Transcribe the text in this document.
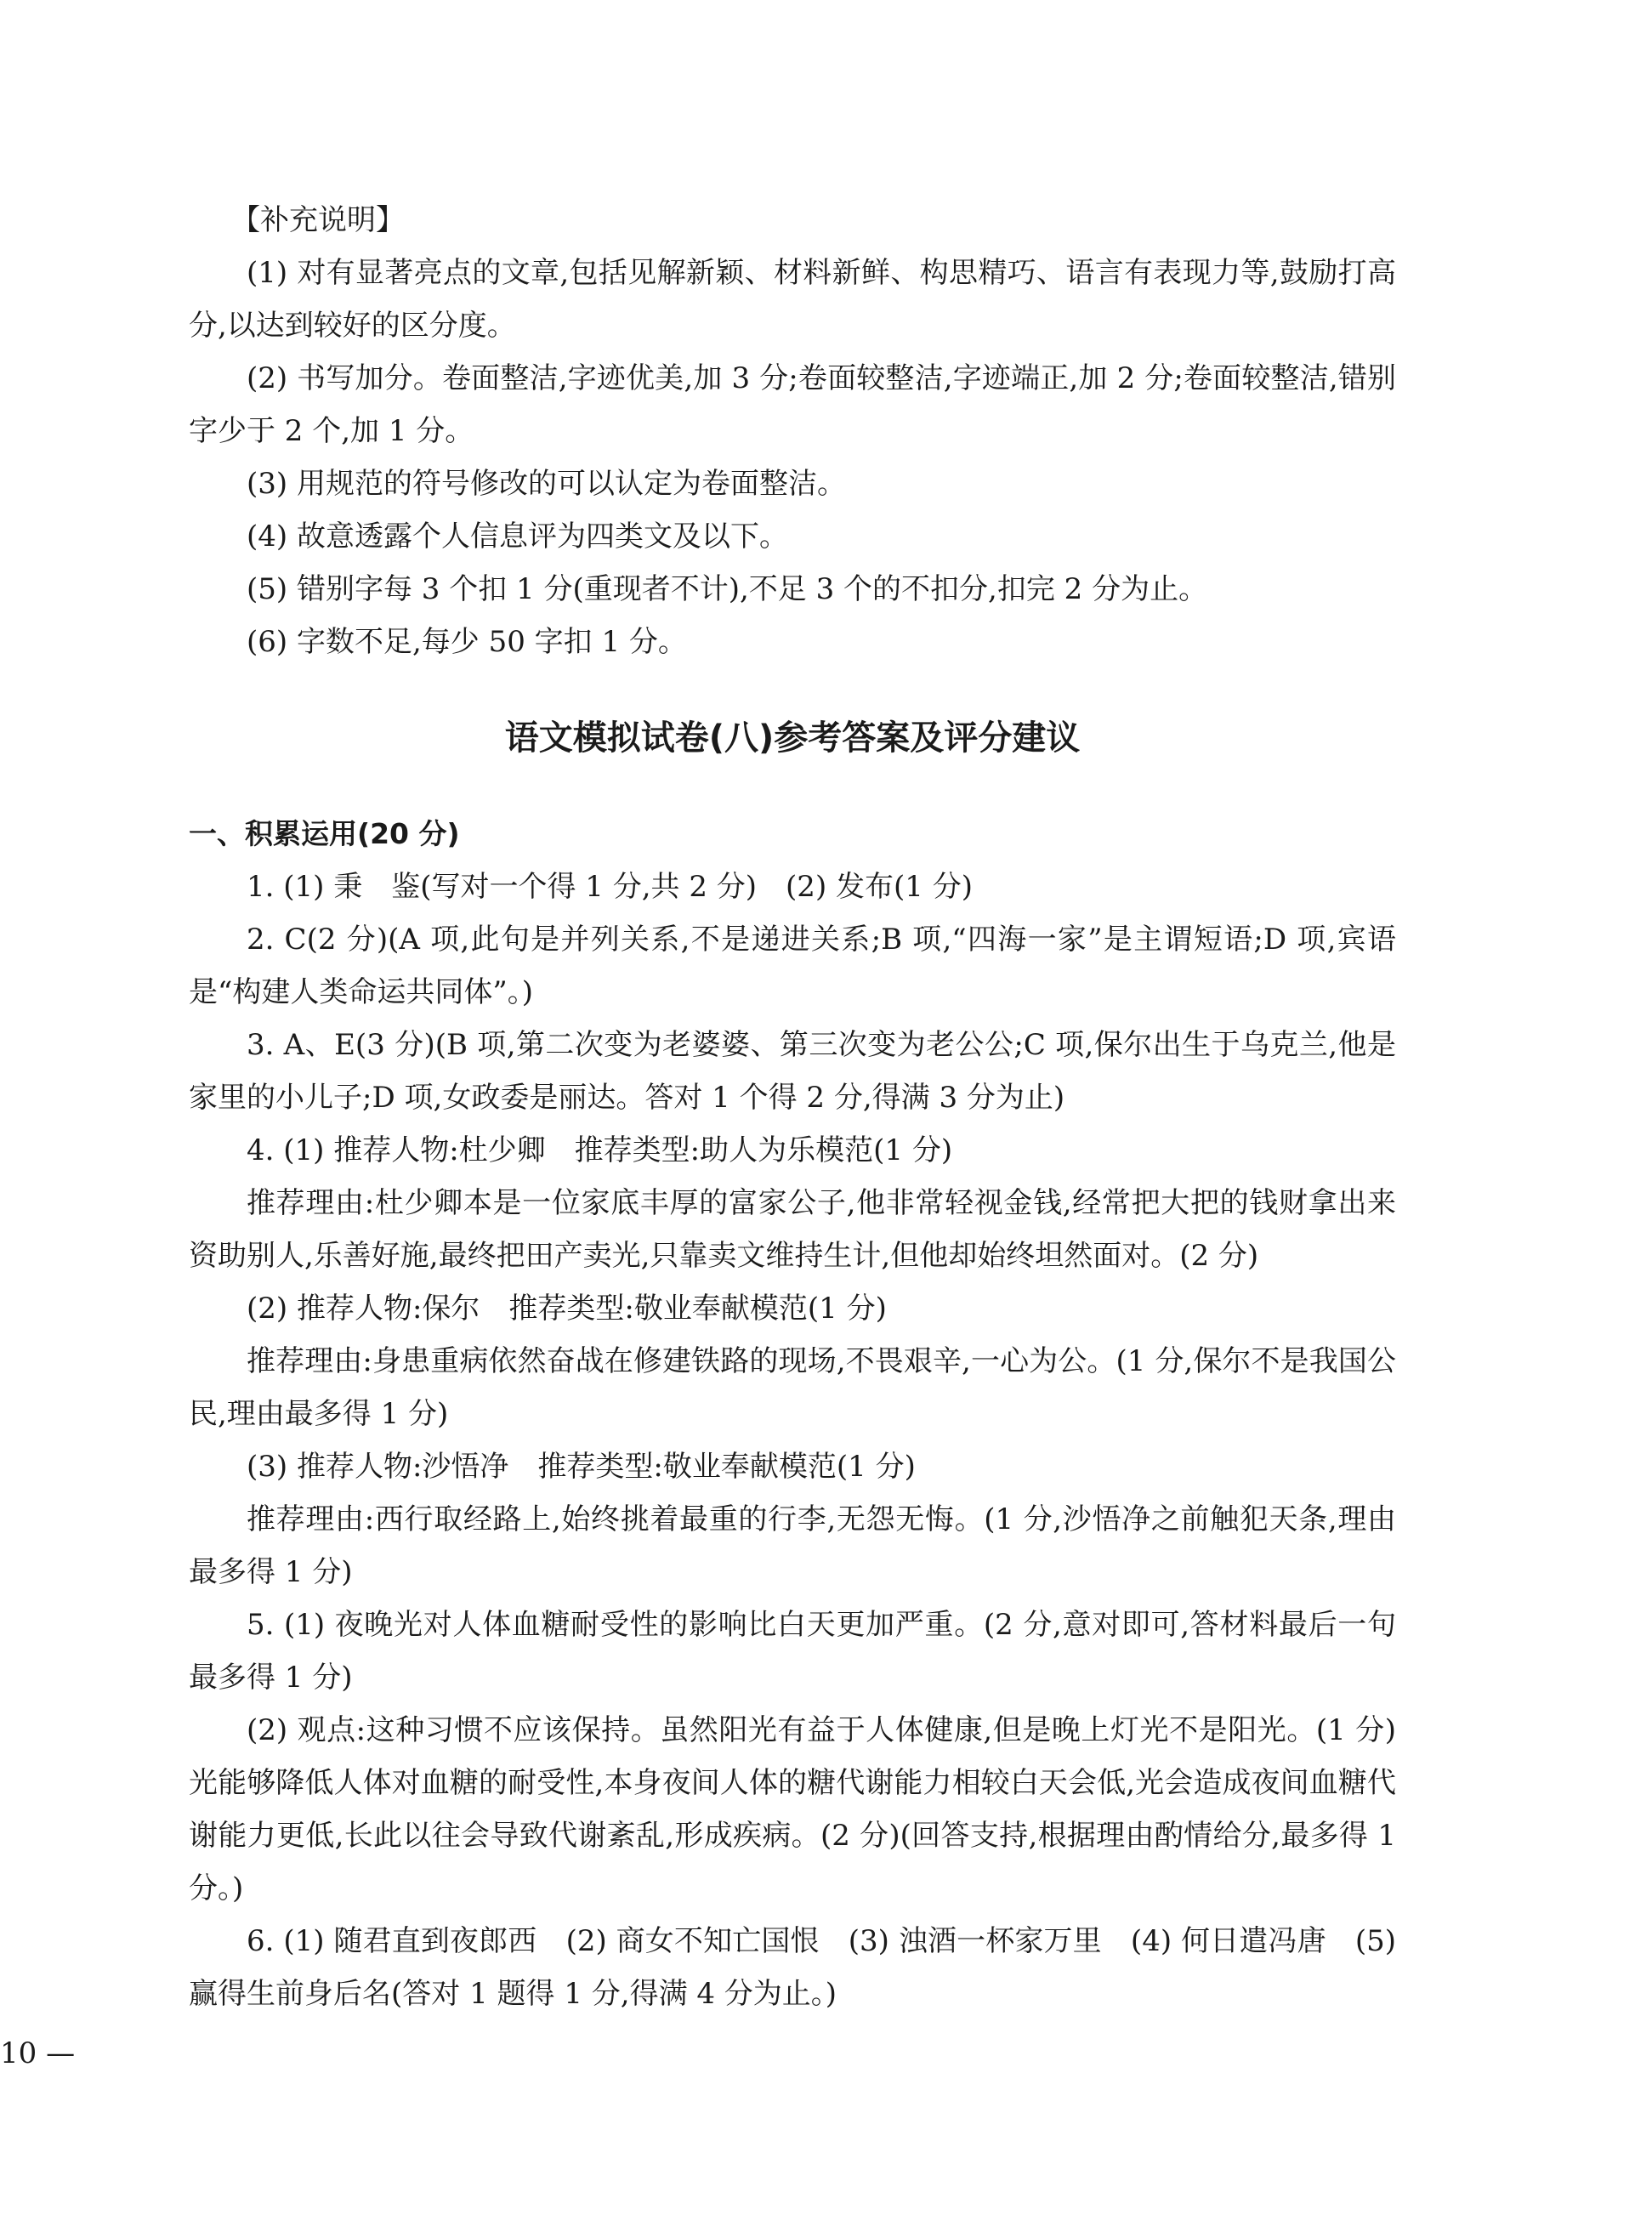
【补充说明】

(1) 对有显著亮点的文章,包括见解新颖、材料新鲜、构思精巧、语言有表现力等,鼓励打高分,以达到较好的区分度。

(2) 书写加分。卷面整洁,字迹优美,加 3 分;卷面较整洁,字迹端正,加 2 分;卷面较整洁,错别字少于 2 个,加 1 分。

(3) 用规范的符号修改的可以认定为卷面整洁。

(4) 故意透露个人信息评为四类文及以下。

(5) 错别字每 3 个扣 1 分(重现者不计),不足 3 个的不扣分,扣完 2 分为止。

(6) 字数不足,每少 50 字扣 1 分。

语文模拟试卷(八)参考答案及评分建议

一、积累运用(20 分)

1. (1) 秉　鉴(写对一个得 1 分,共 2 分)　(2) 发布(1 分)

2. C(2 分)(A 项,此句是并列关系,不是递进关系;B 项,“四海一家”是主谓短语;D 项,宾语是“构建人类命运共同体”。)

3. A、E(3 分)(B 项,第二次变为老婆婆、第三次变为老公公;C 项,保尔出生于乌克兰,他是家里的小儿子;D 项,女政委是丽达。答对 1 个得 2 分,得满 3 分为止)

4. (1) 推荐人物:杜少卿　推荐类型:助人为乐模范(1 分)

推荐理由:杜少卿本是一位家底丰厚的富家公子,他非常轻视金钱,经常把大把的钱财拿出来资助别人,乐善好施,最终把田产卖光,只靠卖文维持生计,但他却始终坦然面对。(2 分)

(2) 推荐人物:保尔　推荐类型:敬业奉献模范(1 分)

推荐理由:身患重病依然奋战在修建铁路的现场,不畏艰辛,一心为公。(1 分,保尔不是我国公民,理由最多得 1 分)

(3) 推荐人物:沙悟净　推荐类型:敬业奉献模范(1 分)

推荐理由:西行取经路上,始终挑着最重的行李,无怨无悔。(1 分,沙悟净之前触犯天条,理由最多得 1 分)

5. (1) 夜晚光对人体血糖耐受性的影响比白天更加严重。(2 分,意对即可,答材料最后一句最多得 1 分)

(2) 观点:这种习惯不应该保持。虽然阳光有益于人体健康,但是晚上灯光不是阳光。(1 分)光能够降低人体对血糖的耐受性,本身夜间人体的糖代谢能力相较白天会低,光会造成夜间血糖代谢能力更低,长此以往会导致代谢紊乱,形成疾病。(2 分)(回答支持,根据理由酌情给分,最多得 1 分。)

6. (1) 随君直到夜郎西　(2) 商女不知亡国恨　(3) 浊酒一杯家万里　(4) 何日遣冯唐　(5) 赢得生前身后名(答对 1 题得 1 分,得满 4 分为止。)

10 —
